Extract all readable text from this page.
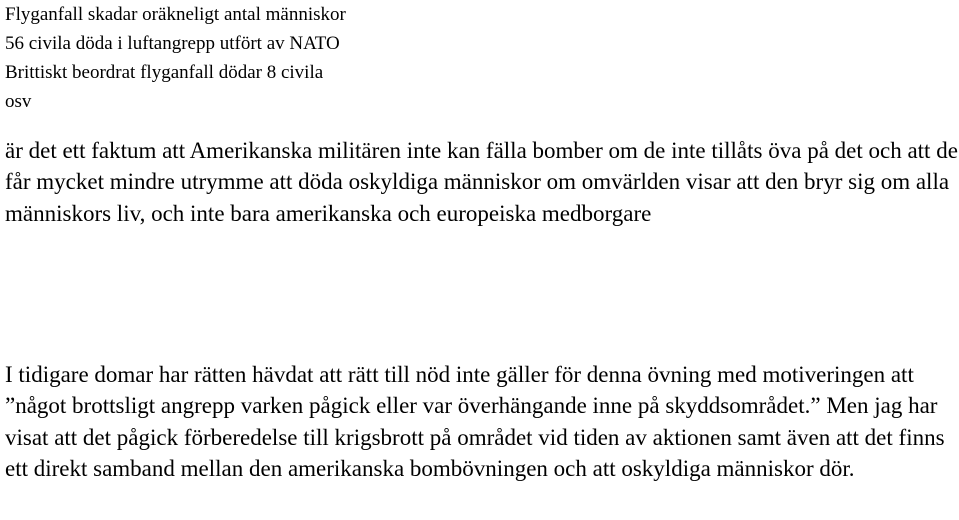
Flyganfall skadar oräkneligt antal människor
56 civila döda i luftangrepp utfört av NATO
Brittiskt beordrat flyganfall dödar 8 civila
osv

är det ett faktum att Amerikanska militären inte kan fälla bomber om de inte tillåts öva på det och att de får mycket mindre utrymme att döda oskyldiga människor om omvärlden visar att den bryr sig om alla människors liv, och inte bara amerikanska och europeiska medborgare

I tidigare domar har rätten hävdat att rätt till nöd inte gäller för denna övning med motiveringen att ”något brottsligt angrepp varken pågick eller var överhängande inne på skyddsområdet.” Men jag har visat att det pågick förberedelse till krigsbrott på området vid tiden av aktionen samt även att det finns ett direkt samband mellan den amerikanska bombövningen och att oskyldiga människor dör.
